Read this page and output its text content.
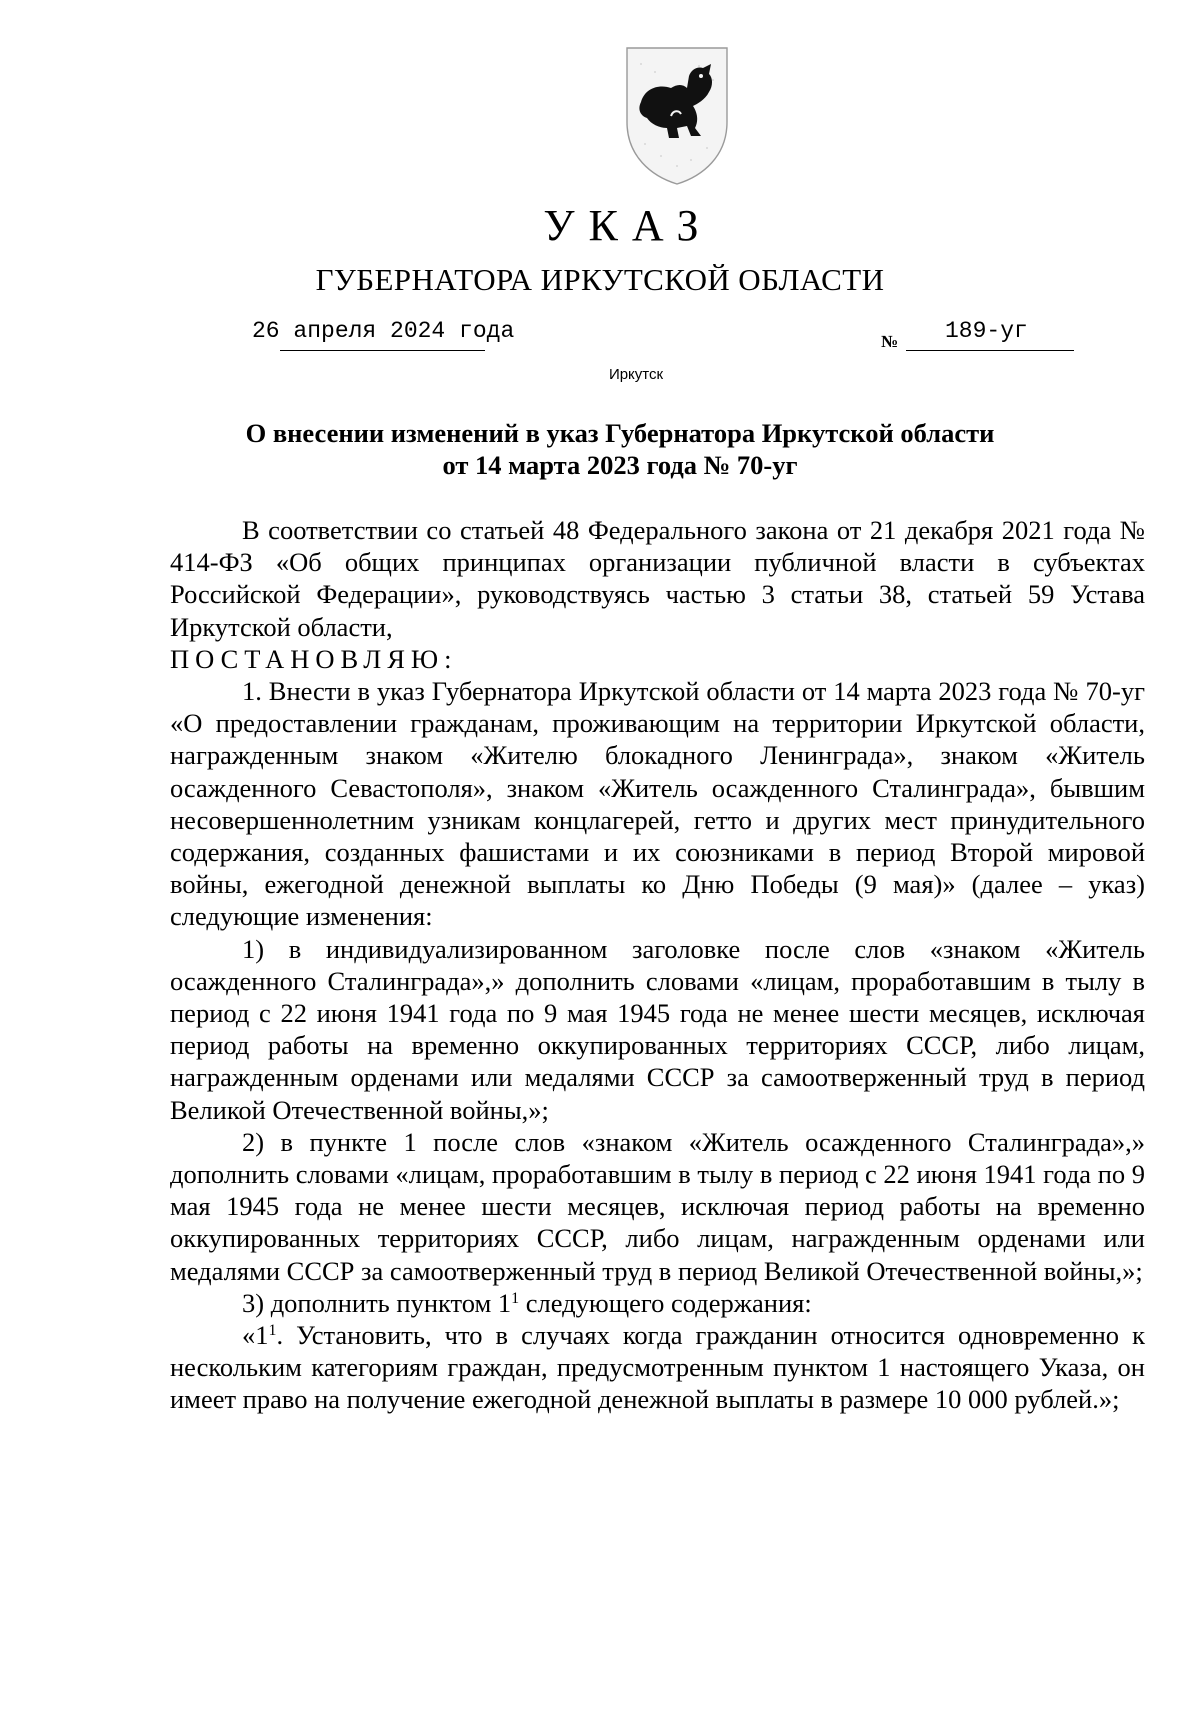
УКАЗ
ГУБЕРНАТОРА ИРКУТСКОЙ ОБЛАСТИ
26 апреля 2024 года	№ 189-уг
Иркутск
О внесении изменений в указ Губернатора Иркутской области
от 14 марта 2023 года № 70-уг

В соответствии со статьей 48 Федерального закона от 21 декабря 2021 года № 414-ФЗ «Об общих принципах организации публичной власти в субъектах Российской Федерации», руководствуясь частью 3 статьи 38, статьей 59 Устава Иркутской области,

ПОСТАНОВЛЯЮ:

1. Внести в указ Губернатора Иркутской области от 14 марта 2023 года № 70-уг «О предоставлении гражданам, проживающим на территории Иркутской области, награжденным знаком «Жителю блокадного Ленинграда», знаком «Житель осажденного Севастополя», знаком «Житель осажденного Сталинграда», бывшим несовершеннолетним узникам концлагерей, гетто и других мест принудительного содержания, созданных фашистами и их союзниками в период Второй мировой войны, ежегодной денежной выплаты ко Дню Победы (9 мая)» (далее – указ) следующие изменения:

1) в индивидуализированном заголовке после слов «знаком «Житель осажденного Сталинграда»,» дополнить словами «лицам, проработавшим в тылу в период с 22 июня 1941 года по 9 мая 1945 года не менее шести месяцев, исключая период работы на временно оккупированных территориях СССР, либо лицам, награжденным орденами или медалями СССР за самоотверженный труд в период Великой Отечественной войны,»;

2) в пункте 1 после слов «знаком «Житель осажденного Сталинграда»,» дополнить словами «лицам, проработавшим в тылу в период с 22 июня 1941 года по 9 мая 1945 года не менее шести месяцев, исключая период работы на временно оккупированных территориях СССР, либо лицам, награжденным орденами или медалями СССР за самоотверженный труд в период Великой Отечественной войны,»;

3) дополнить пунктом $1^1$ следующего содержания:

«$1^1$. Установить, что в случаях когда гражданин относится одновременно к нескольким категориям граждан, предусмотренным пунктом 1 настоящего Указа, он имеет право на получение ежегодной денежной выплаты в размере 10 000 рублей.»;
